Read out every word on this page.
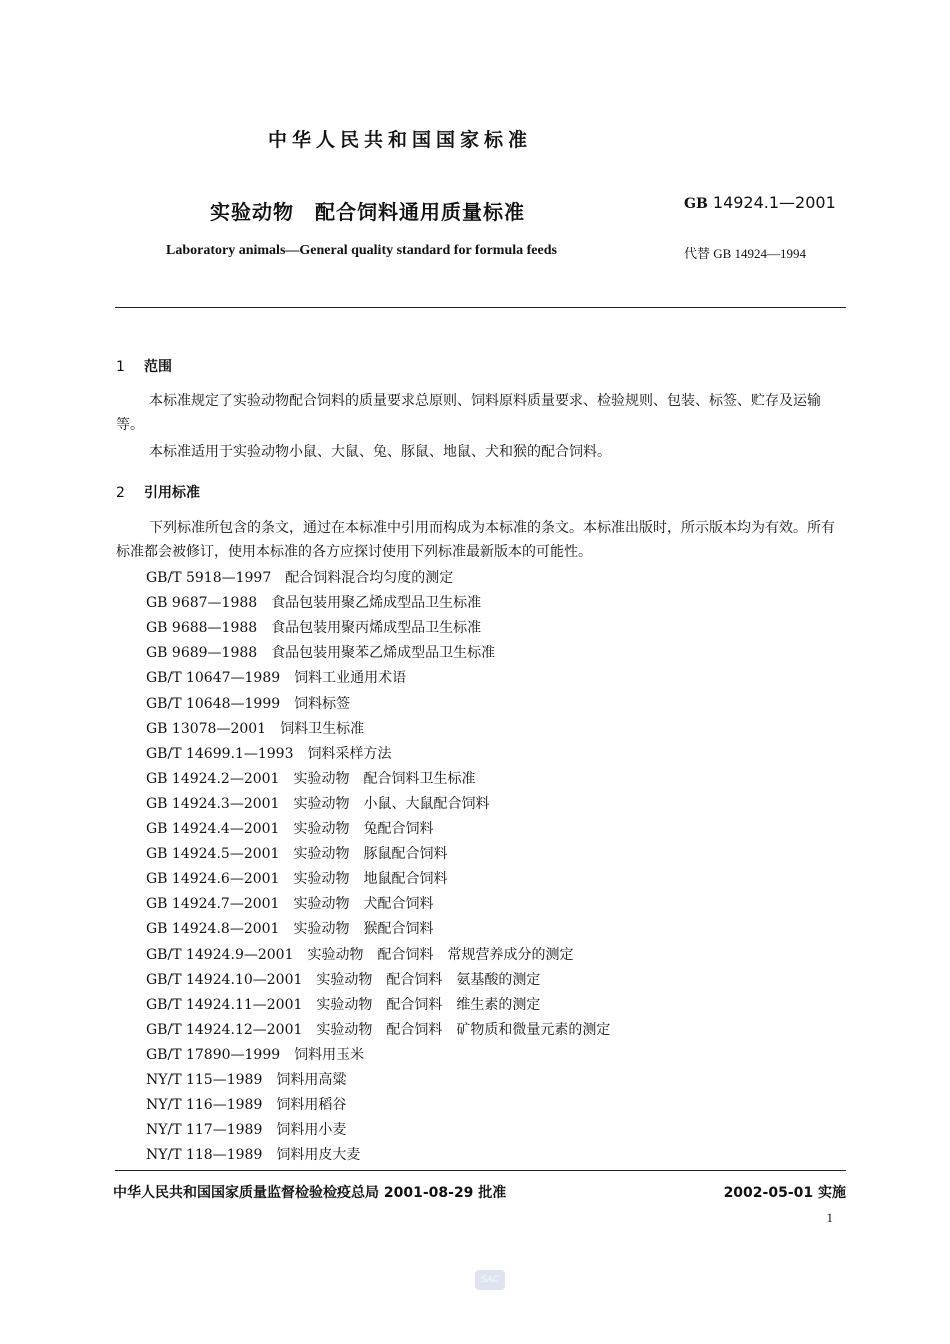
中华人民共和国国家标准
实验动物　配合饲料通用质量标准	GB 14924.1—2001
Laboratory animals—General quality standard for formula feeds	代替 GB 14924—1994
1 范围
本标准规定了实验动物配合饲料的质量要求总原则、饲料原料质量要求、检验规则、包装、标签、贮存及运输等。
本标准适用于实验动物小鼠、大鼠、兔、豚鼠、地鼠、犬和猴的配合饲料。
2 引用标准
下列标准所包含的条文，通过在本标准中引用而构成为本标准的条文。本标准出版时，所示版本均为有效。所有标准都会被修订，使用本标准的各方应探讨使用下列标准最新版本的可能性。
GB/T 5918—1997 配合饲料混合均匀度的测定
GB 9687—1988 食品包装用聚乙烯成型品卫生标准
GB 9688—1988 食品包装用聚丙烯成型品卫生标准
GB 9689—1988 食品包装用聚苯乙烯成型品卫生标准
GB/T 10647—1989 饲料工业通用术语
GB/T 10648—1999 饲料标签
GB 13078—2001 饲料卫生标准
GB/T 14699.1—1993 饲料采样方法
GB 14924.2—2001 实验动物　配合饲料卫生标准
GB 14924.3—2001 实验动物　小鼠、大鼠配合饲料
GB 14924.4—2001 实验动物　兔配合饲料
GB 14924.5—2001 实验动物　豚鼠配合饲料
GB 14924.6—2001 实验动物　地鼠配合饲料
GB 14924.7—2001 实验动物　犬配合饲料
GB 14924.8—2001 实验动物　猴配合饲料
GB/T 14924.9—2001 实验动物　配合饲料　常规营养成分的测定
GB/T 14924.10—2001 实验动物　配合饲料　氨基酸的测定
GB/T 14924.11—2001 实验动物　配合饲料　维生素的测定
GB/T 14924.12—2001 实验动物　配合饲料　矿物质和微量元素的测定
GB/T 17890—1999 饲料用玉米
NY/T 115—1989 饲料用高粱
NY/T 116—1989 饲料用稻谷
NY/T 117—1989 饲料用小麦
NY/T 118—1989 饲料用皮大麦
中华人民共和国国家质量监督检验检疫总局 2001-08-29 批准	2002-05-01 实施
1
SAC
